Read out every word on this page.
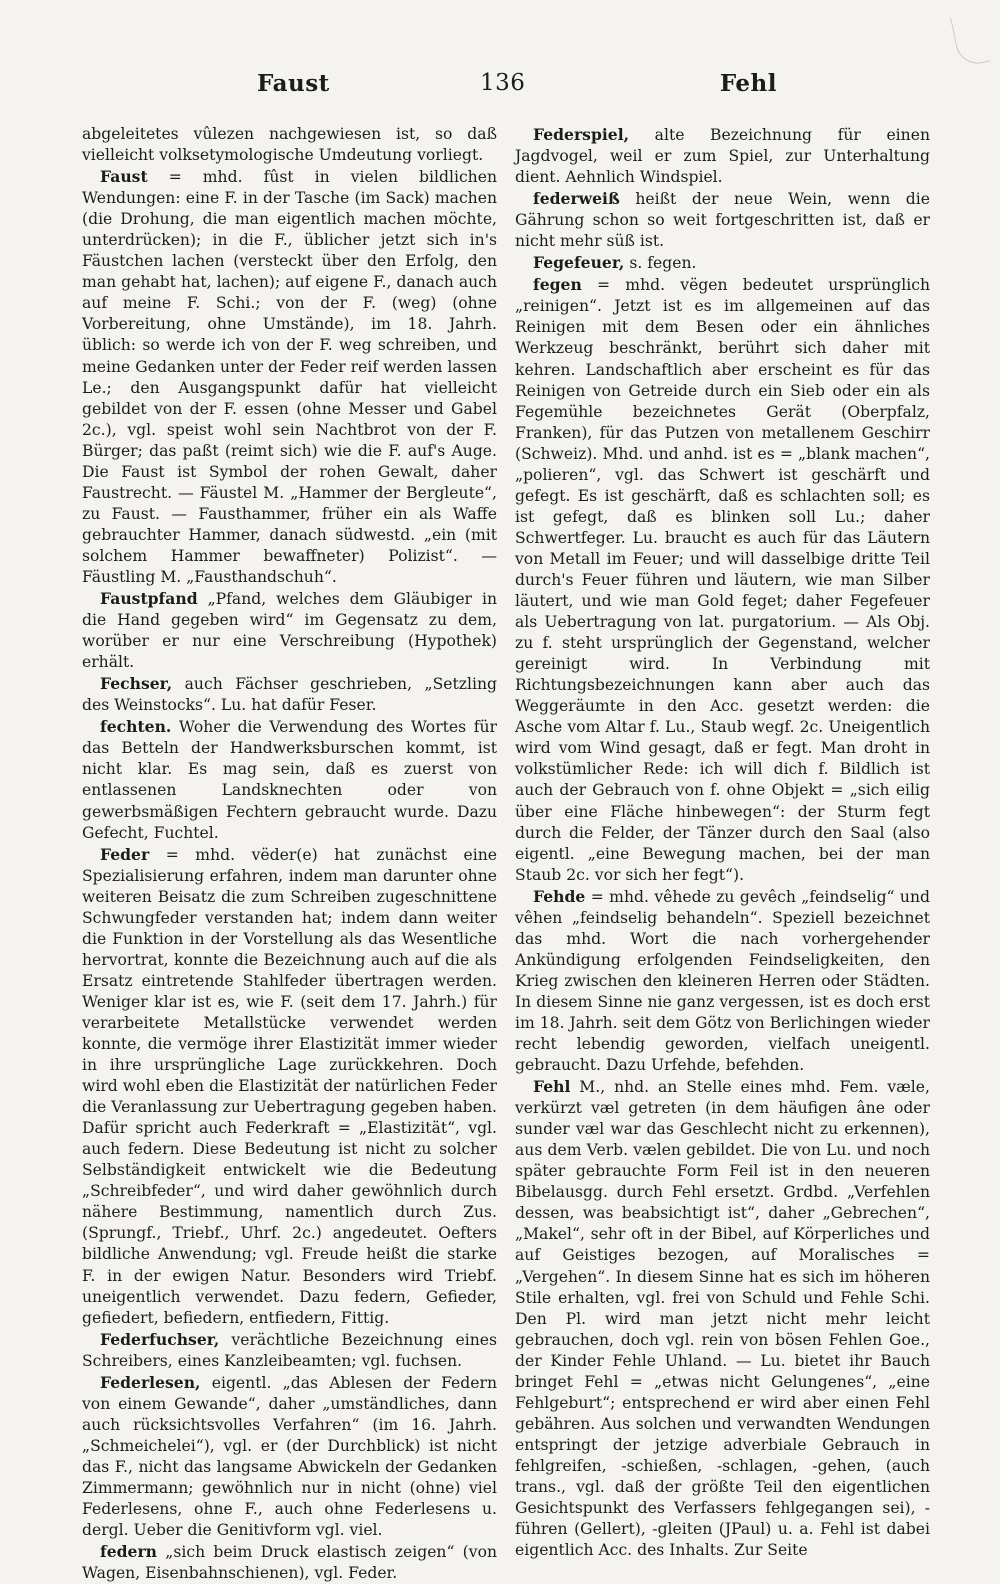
Faust	136	Fehl

abgeleitetes vûlezen nachgewiesen ist, so daß vielleicht volksetymologische Umdeutung vorliegt.

Faust = mhd. fûst in vielen bildlichen Wendungen: eine F. in der Tasche (im Sack) machen (die Drohung, die man eigentlich machen möchte, unterdrücken); in die F., üblicher jetzt sich in's Fäustchen lachen (versteckt über den Erfolg, den man gehabt hat, lachen); auf eigene F., danach auch auf meine F. Schi.; von der F. (weg) (ohne Vorbereitung, ohne Umstände), im 18. Jahrh. üblich: so werde ich von der F. weg schreiben, und meine Gedanken unter der Feder reif werden lassen Le.; den Ausgangspunkt dafür hat vielleicht gebildet von der F. essen (ohne Messer und Gabel 2c.), vgl. speist wohl sein Nachtbrot von der F. Bürger; das paßt (reimt sich) wie die F. auf's Auge. Die Faust ist Symbol der rohen Gewalt, daher Faustrecht. — Fäustel M. „Hammer der Bergleute“, zu Faust. — Fausthammer, früher ein als Waffe gebrauchter Hammer, danach südwestd. „ein (mit solchem Hammer bewaffneter) Polizist“. — Fäustling M. „Fausthandschuh“.

Faustpfand „Pfand, welches dem Gläubiger in die Hand gegeben wird“ im Gegensatz zu dem, worüber er nur eine Verschreibung (Hypothek) erhält.

Fechser, auch Fächser geschrieben, „Setzling des Weinstocks“. Lu. hat dafür Feser.

fechten. Woher die Verwendung des Wortes für das Betteln der Handwerksburschen kommt, ist nicht klar. Es mag sein, daß es zuerst von entlassenen Landsknechten oder von gewerbsmäßigen Fechtern gebraucht wurde. Dazu Gefecht, Fuchtel.

Feder = mhd. vëder(e) hat zunächst eine Spezialisierung erfahren, indem man darunter ohne weiteren Beisatz die zum Schreiben zugeschnittene Schwungfeder verstanden hat; indem dann weiter die Funktion in der Vorstellung als das Wesentliche hervortrat, konnte die Bezeichnung auch auf die als Ersatz eintretende Stahlfeder übertragen werden. Weniger klar ist es, wie F. (seit dem 17. Jahrh.) für verarbeitete Metallstücke verwendet werden konnte, die vermöge ihrer Elastizität immer wieder in ihre ursprüngliche Lage zurückkehren. Doch wird wohl eben die Elastizität der natürlichen Feder die Veranlassung zur Uebertragung gegeben haben. Dafür spricht auch Federkraft = „Elastizität“, vgl. auch federn. Diese Bedeutung ist nicht zu solcher Selbständigkeit entwickelt wie die Bedeutung „Schreibfeder“, und wird daher gewöhnlich durch nähere Bestimmung, namentlich durch Zus. (Sprungf., Triebf., Uhrf. 2c.) angedeutet. Oefters bildliche Anwendung; vgl. Freude heißt die starke F. in der ewigen Natur. Besonders wird Triebf. uneigentlich verwendet. Dazu federn, Gefieder, gefiedert, befiedern, entfiedern, Fittig.

Federfuchser, verächtliche Bezeichnung eines Schreibers, eines Kanzleibeamten; vgl. fuchsen.

Federlesen, eigentl. „das Ablesen der Federn von einem Gewande“, daher „umständliches, dann auch rücksichtsvolles Verfahren“ (im 16. Jahrh. „Schmeichelei“), vgl. er (der Durchblick) ist nicht das F., nicht das langsame Abwickeln der Gedanken Zimmermann; gewöhnlich nur in nicht (ohne) viel Federlesens, ohne F., auch ohne Federlesens u. dergl. Ueber die Genitivform vgl. viel.

federn „sich beim Druck elastisch zeigen“ (von Wagen, Eisenbahnschienen), vgl. Feder.

Federspiel, alte Bezeichnung für einen Jagdvogel, weil er zum Spiel, zur Unterhaltung dient. Aehnlich Windspiel.

federweiß heißt der neue Wein, wenn die Gährung schon so weit fortgeschritten ist, daß er nicht mehr süß ist.

Fegefeuer, s. fegen.

fegen = mhd. vëgen bedeutet ursprünglich „reinigen“. Jetzt ist es im allgemeinen auf das Reinigen mit dem Besen oder ein ähnliches Werkzeug beschränkt, berührt sich daher mit kehren. Landschaftlich aber erscheint es für das Reinigen von Getreide durch ein Sieb oder ein als Fegemühle bezeichnetes Gerät (Oberpfalz, Franken), für das Putzen von metallenem Geschirr (Schweiz). Mhd. und anhd. ist es = „blank machen“, „polieren“, vgl. das Schwert ist geschärft und gefegt. Es ist geschärft, daß es schlachten soll; es ist gefegt, daß es blinken soll Lu.; daher Schwertfeger. Lu. braucht es auch für das Läutern von Metall im Feuer; und will dasselbige dritte Teil durch's Feuer führen und läutern, wie man Silber läutert, und wie man Gold feget; daher Fegefeuer als Uebertragung von lat. purgatorium. — Als Obj. zu f. steht ursprünglich der Gegenstand, welcher gereinigt wird. In Verbindung mit Richtungsbezeichnungen kann aber auch das Weggeräumte in den Acc. gesetzt werden: die Asche vom Altar f. Lu., Staub wegf. 2c. Uneigentlich wird vom Wind gesagt, daß er fegt. Man droht in volkstümlicher Rede: ich will dich f. Bildlich ist auch der Gebrauch von f. ohne Objekt = „sich eilig über eine Fläche hinbewegen“: der Sturm fegt durch die Felder, der Tänzer durch den Saal (also eigentl. „eine Bewegung machen, bei der man Staub 2c. vor sich her fegt“).

Fehde = mhd. vêhede zu gevêch „feindselig“ und vêhen „feindselig behandeln“. Speziell bezeichnet das mhd. Wort die nach vorhergehender Ankündigung erfolgenden Feindseligkeiten, den Krieg zwischen den kleineren Herren oder Städten. In diesem Sinne nie ganz vergessen, ist es doch erst im 18. Jahrh. seit dem Götz von Berlichingen wieder recht lebendig geworden, vielfach uneigentl. gebraucht. Dazu Urfehde, befehden.

Fehl M., nhd. an Stelle eines mhd. Fem. væle, verkürzt væl getreten (in dem häufigen âne oder sunder væl war das Geschlecht nicht zu erkennen), aus dem Verb. vælen gebildet. Die von Lu. und noch später gebrauchte Form Feil ist in den neueren Bibelausgg. durch Fehl ersetzt. Grdbd. „Verfehlen dessen, was beabsichtigt ist“, daher „Gebrechen“, „Makel“, sehr oft in der Bibel, auf Körperliches und auf Geistiges bezogen, auf Moralisches = „Vergehen“. In diesem Sinne hat es sich im höheren Stile erhalten, vgl. frei von Schuld und Fehle Schi. Den Pl. wird man jetzt nicht mehr leicht gebrauchen, doch vgl. rein von bösen Fehlen Goe., der Kinder Fehle Uhland. — Lu. bietet ihr Bauch bringet Fehl = „etwas nicht Gelungenes“, „eine Fehlgeburt“; entsprechend er wird aber einen Fehl gebähren. Aus solchen und verwandten Wendungen entspringt der jetzige adverbiale Gebrauch in fehlgreifen, -schießen, -schlagen, -gehen, (auch trans., vgl. daß der größte Teil den eigentlichen Gesichtspunkt des Verfassers fehlgegangen sei), -führen (Gellert), -gleiten (JPaul) u. a. Fehl ist dabei eigentlich Acc. des Inhalts. Zur Seite
